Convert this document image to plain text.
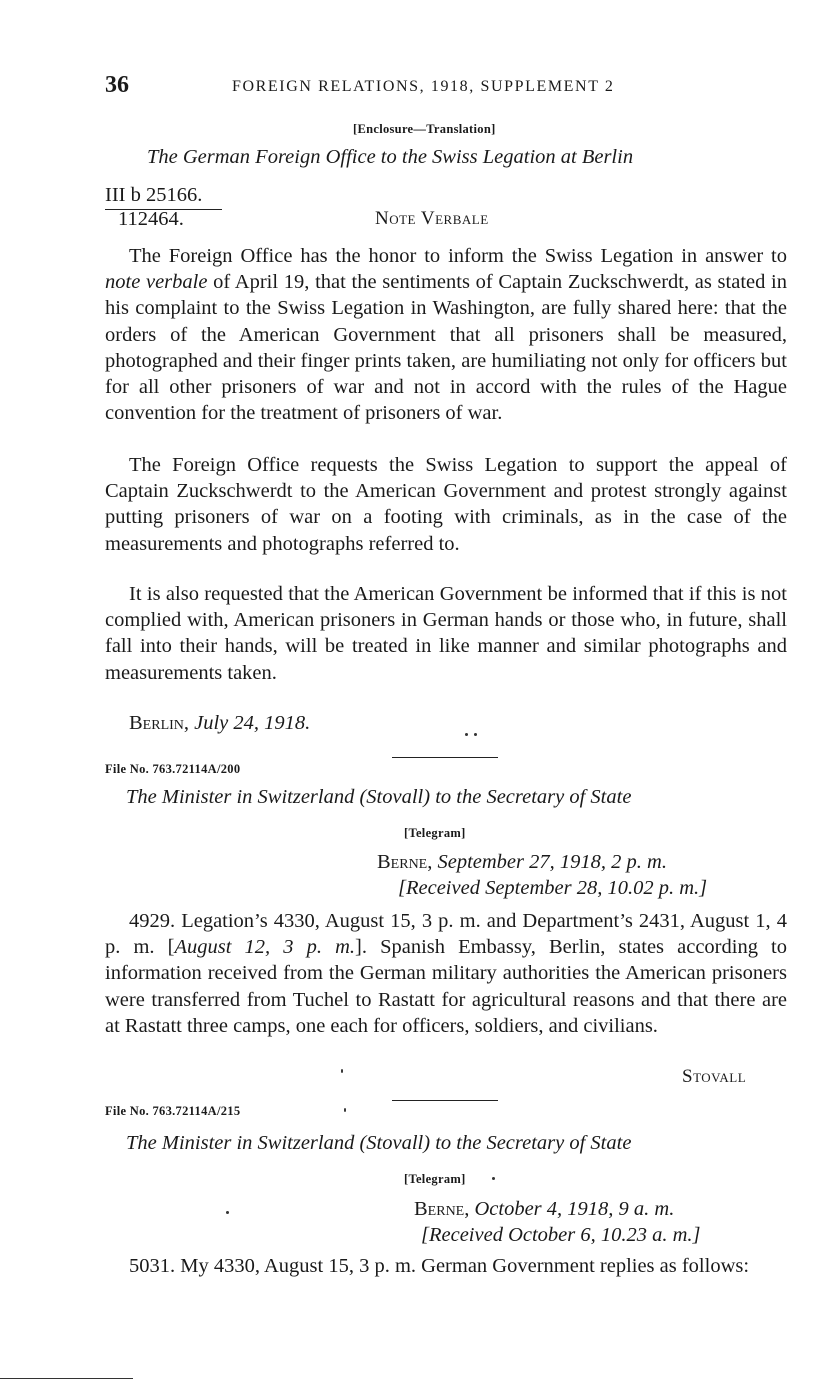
36	FOREIGN RELATIONS, 1918, SUPPLEMENT 2
[Enclosure—Translation]
The German Foreign Office to the Swiss Legation at Berlin
III b 25166.
112464.	Note Verbale
The Foreign Office has the honor to inform the Swiss Legation in answer to note verbale of April 19, that the sentiments of Captain Zuckschwerdt, as stated in his complaint to the Swiss Legation in Washington, are fully shared here: that the orders of the American Government that all prisoners shall be measured, photographed and their finger prints taken, are humiliating not only for officers but for all other prisoners of war and not in accord with the rules of the Hague convention for the treatment of prisoners of war.
The Foreign Office requests the Swiss Legation to support the appeal of Captain Zuckschwerdt to the American Government and protest strongly against putting prisoners of war on a footing with criminals, as in the case of the measurements and photographs referred to.
It is also requested that the American Government be informed that if this is not complied with, American prisoners in German hands or those who, in future, shall fall into their hands, will be treated in like manner and similar photographs and measurements taken.
Berlin, July 24, 1918.
File No. 763.72114A/200
The Minister in Switzerland (Stovall) to the Secretary of State
[Telegram]
Berne, September 27, 1918, 2 p. m.
[Received September 28, 10.02 p. m.]
4929. Legation’s 4330, August 15, 3 p. m. and Department’s 2431, August 1, 4 p. m. [August 12, 3 p. m.]. Spanish Embassy, Berlin, states according to information received from the German military authorities the American prisoners were transferred from Tuchel to Rastatt for agricultural reasons and that there are at Rastatt three camps, one each for officers, soldiers, and civilians.
Stovall
File No. 763.72114A/215
The Minister in Switzerland (Stovall) to the Secretary of State
[Telegram]
Berne, October 4, 1918, 9 a. m.
[Received October 6, 10.23 a. m.]
5031. My 4330, August 15, 3 p. m. German Government replies as follows:
